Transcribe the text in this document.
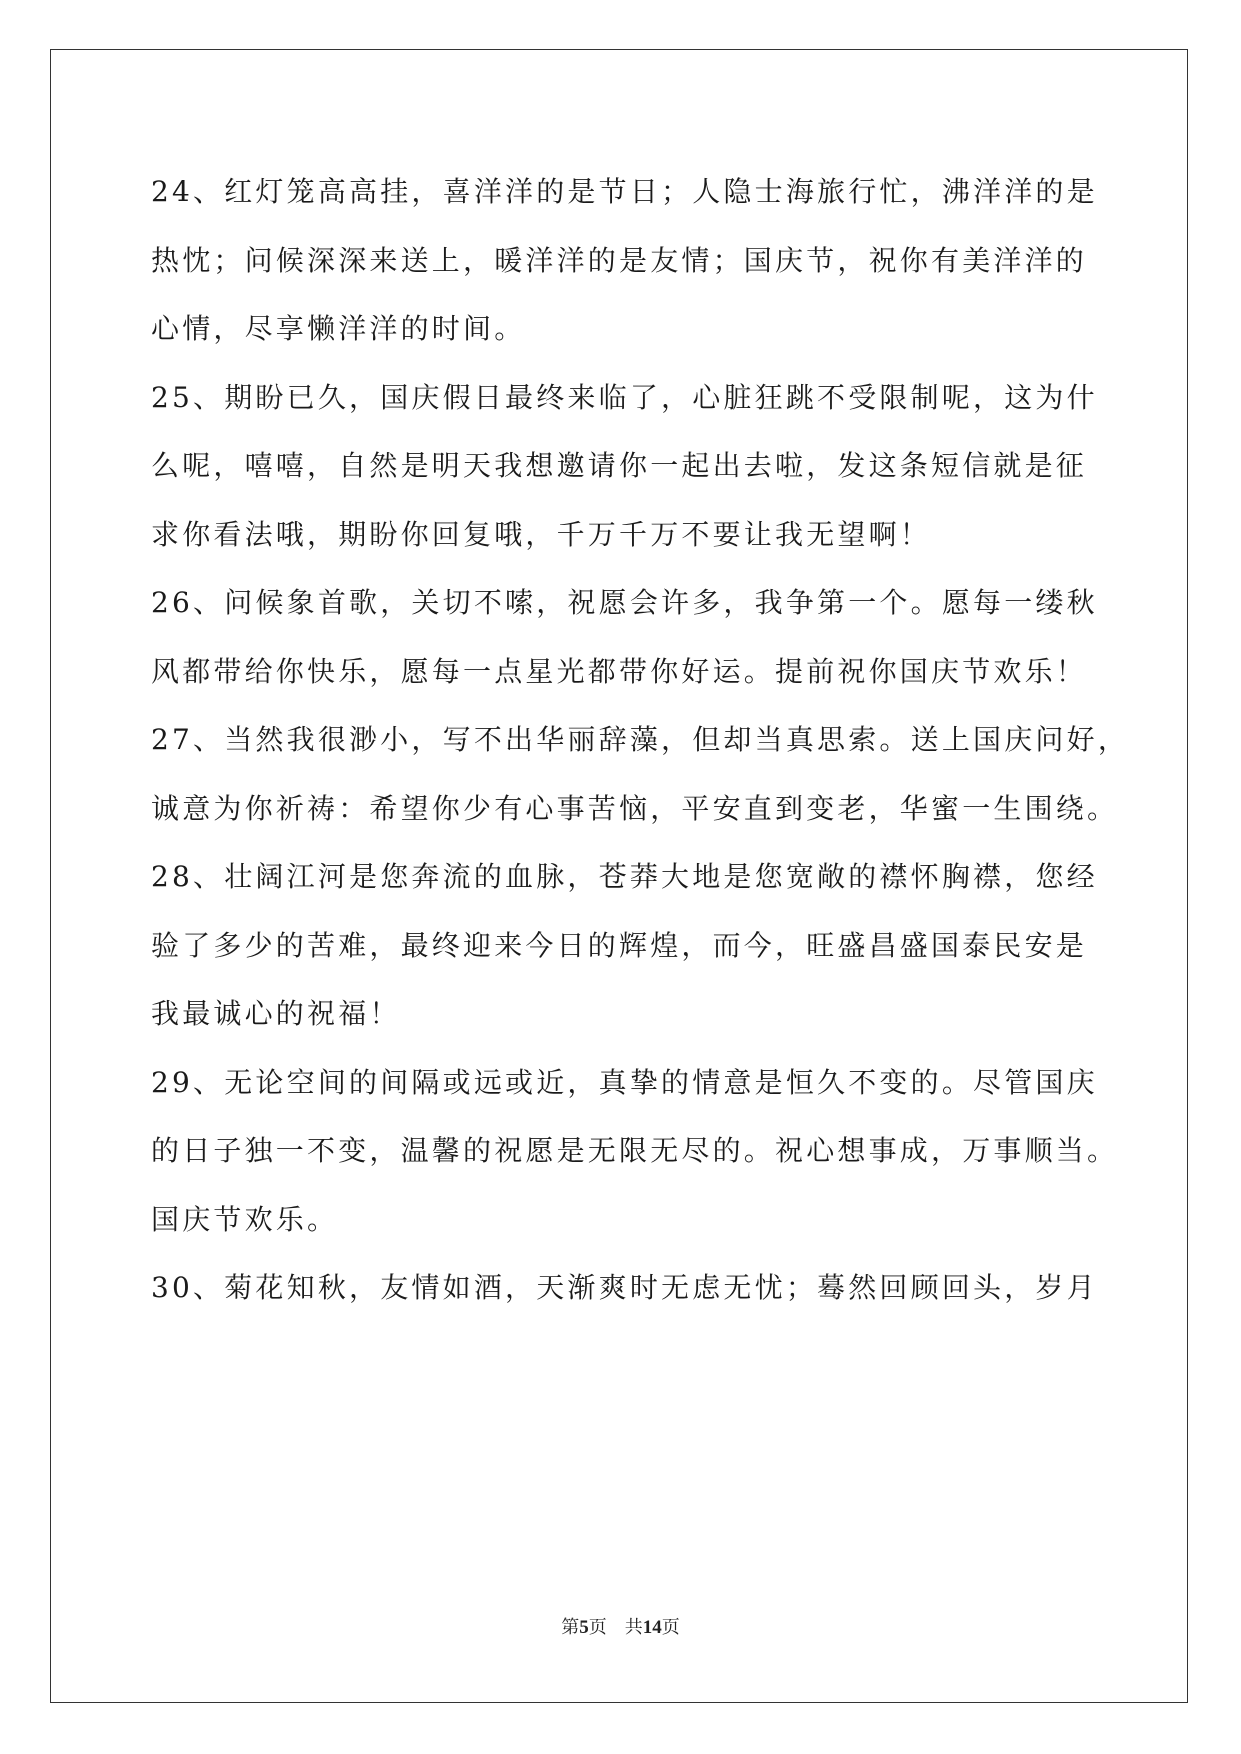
24、红灯笼高高挂，喜洋洋的是节日；人隐士海旅行忙，沸洋洋的是
热忱；问候深深来送上，暖洋洋的是友情；国庆节，祝你有美洋洋的
心情，尽享懒洋洋的时间。
25、期盼已久，国庆假日最终来临了，心脏狂跳不受限制呢，这为什
么呢，嘻嘻，自然是明天我想邀请你一起出去啦，发这条短信就是征
求你看法哦，期盼你回复哦，千万千万不要让我无望啊！
26、问候象首歌，关切不嗦，祝愿会许多，我争第一个。愿每一缕秋
风都带给你快乐，愿每一点星光都带你好运。提前祝你国庆节欢乐！
27、当然我很渺小，写不出华丽辞藻，但却当真思索。送上国庆问好，
诚意为你祈祷：希望你少有心事苦恼，平安直到变老，华蜜一生围绕。
28、壮阔江河是您奔流的血脉，苍莽大地是您宽敞的襟怀胸襟，您经
验了多少的苦难，最终迎来今日的辉煌，而今，旺盛昌盛国泰民安是
我最诚心的祝福！
29、无论空间的间隔或远或近，真挚的情意是恒久不变的。尽管国庆
的日子独一不变，温馨的祝愿是无限无尽的。祝心想事成，万事顺当。
国庆节欢乐。
30、菊花知秋，友情如酒，天渐爽时无虑无忧；蓦然回顾回头，岁月
第5页 共14页
